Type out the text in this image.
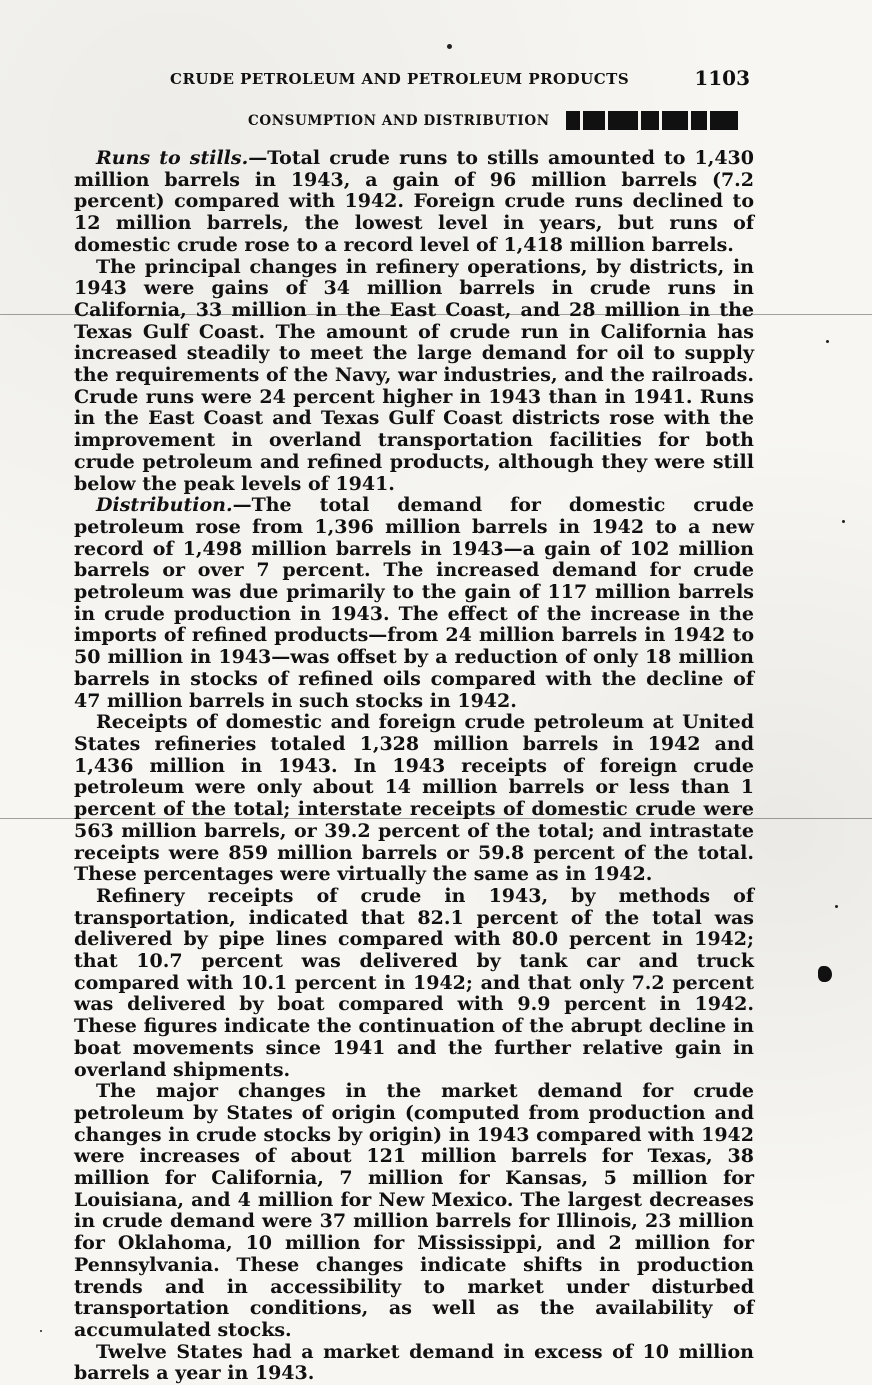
CRUDE PETROLEUM AND PETROLEUM PRODUCTS	1103
CONSUMPTION AND DISTRIBUTION

Runs to stills.—Total crude runs to stills amounted to 1,430 million barrels in 1943, a gain of 96 million barrels (7.2 percent) compared with 1942. Foreign crude runs declined to 12 million barrels, the lowest level in years, but runs of domestic crude rose to a record level of 1,418 million barrels.

The principal changes in refinery operations, by districts, in 1943 were gains of 34 million barrels in crude runs in California, 33 million in the East Coast, and 28 million in the Texas Gulf Coast. The amount of crude run in California has increased steadily to meet the large demand for oil to supply the requirements of the Navy, war industries, and the railroads. Crude runs were 24 percent higher in 1943 than in 1941. Runs in the East Coast and Texas Gulf Coast districts rose with the improvement in overland transportation facilities for both crude petroleum and refined products, although they were still below the peak levels of 1941.

Distribution.—The total demand for domestic crude petroleum rose from 1,396 million barrels in 1942 to a new record of 1,498 million barrels in 1943—a gain of 102 million barrels or over 7 percent. The increased demand for crude petroleum was due primarily to the gain of 117 million barrels in crude production in 1943. The effect of the increase in the imports of refined products—from 24 million barrels in 1942 to 50 million in 1943—was offset by a reduction of only 18 million barrels in stocks of refined oils compared with the decline of 47 million barrels in such stocks in 1942.

Receipts of domestic and foreign crude petroleum at United States refineries totaled 1,328 million barrels in 1942 and 1,436 million in 1943. In 1943 receipts of foreign crude petroleum were only about 14 million barrels or less than 1 percent of the total; interstate receipts of domestic crude were 563 million barrels, or 39.2 percent of the total; and intrastate receipts were 859 million barrels or 59.8 percent of the total. These percentages were virtually the same as in 1942.

Refinery receipts of crude in 1943, by methods of transportation, indicated that 82.1 percent of the total was delivered by pipe lines compared with 80.0 percent in 1942; that 10.7 percent was delivered by tank car and truck compared with 10.1 percent in 1942; and that only 7.2 percent was delivered by boat compared with 9.9 percent in 1942. These figures indicate the continuation of the abrupt decline in boat movements since 1941 and the further relative gain in overland shipments.

The major changes in the market demand for crude petroleum by States of origin (computed from production and changes in crude stocks by origin) in 1943 compared with 1942 were increases of about 121 million barrels for Texas, 38 million for California, 7 million for Kansas, 5 million for Louisiana, and 4 million for New Mexico. The largest decreases in crude demand were 37 million barrels for Illinois, 23 million for Oklahoma, 10 million for Mississippi, and 2 million for Pennsylvania. These changes indicate shifts in production trends and in accessibility to market under disturbed transportation conditions, as well as the availability of accumulated stocks.

Twelve States had a market demand in excess of 10 million barrels a year in 1943.
